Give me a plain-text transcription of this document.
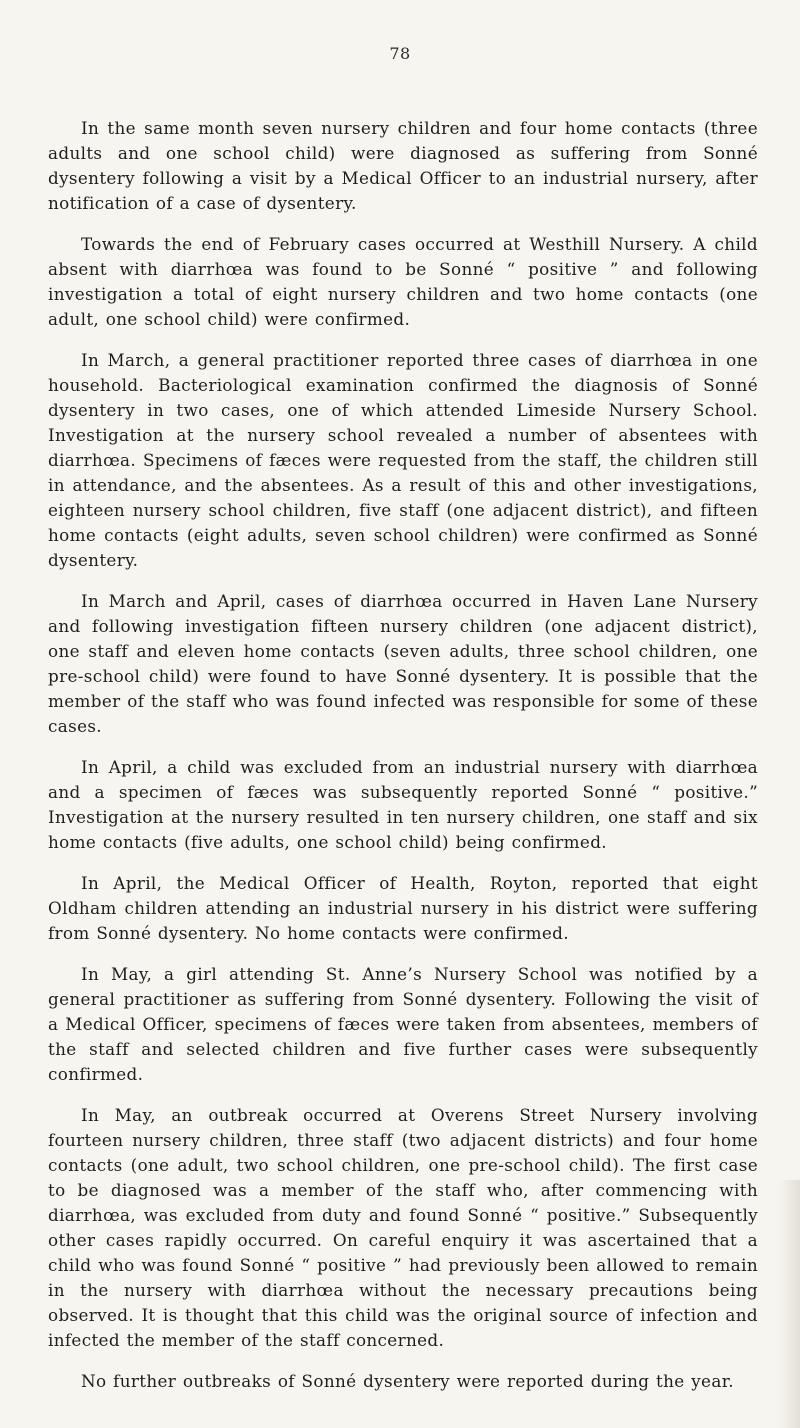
78

In the same month seven nursery children and four home contacts (three adults and one school child) were diagnosed as suffering from Sonné dysentery following a visit by a Medical Officer to an industrial nursery, after notification of a case of dysentery.

Towards the end of February cases occurred at Westhill Nursery. A child absent with diarrhœa was found to be Sonné “ positive ” and following investigation a total of eight nursery children and two home contacts (one adult, one school child) were confirmed.

In March, a general practitioner reported three cases of diarrhœa in one household. Bacteriological examination confirmed the diagnosis of Sonné dysentery in two cases, one of which attended Limeside Nursery School. Investigation at the nursery school revealed a number of absentees with diarrhœa. Specimens of fæces were requested from the staff, the children still in attendance, and the absentees. As a result of this and other investigations, eighteen nursery school children, five staff (one adjacent district), and fifteen home contacts (eight adults, seven school children) were confirmed as Sonné dysentery.

In March and April, cases of diarrhœa occurred in Haven Lane Nursery and following investigation fifteen nursery children (one adjacent district), one staff and eleven home contacts (seven adults, three school children, one pre-school child) were found to have Sonné dysentery. It is possible that the member of the staff who was found infected was responsible for some of these cases.

In April, a child was excluded from an industrial nursery with diarrhœa and a specimen of fæces was subsequently reported Sonné “ positive.” Investigation at the nursery resulted in ten nursery children, one staff and six home contacts (five adults, one school child) being confirmed.

In April, the Medical Officer of Health, Royton, reported that eight Oldham children attending an industrial nursery in his district were suffering from Sonné dysentery. No home contacts were confirmed.

In May, a girl attending St. Anne’s Nursery School was notified by a general practitioner as suffering from Sonné dysentery. Following the visit of a Medical Officer, specimens of fæces were taken from absentees, members of the staff and selected children and five further cases were subsequently confirmed.

In May, an outbreak occurred at Overens Street Nursery involving fourteen nursery children, three staff (two adjacent districts) and four home contacts (one adult, two school children, one pre-school child). The first case to be diagnosed was a member of the staff who, after commencing with diarrhœa, was excluded from duty and found Sonné “ positive.” Subsequently other cases rapidly occurred. On careful enquiry it was ascertained that a child who was found Sonné “ positive ” had previously been allowed to remain in the nursery with diarrhœa without the necessary precautions being observed. It is thought that this child was the original source of infection and infected the member of the staff concerned.

No further outbreaks of Sonné dysentery were reported during the year.
